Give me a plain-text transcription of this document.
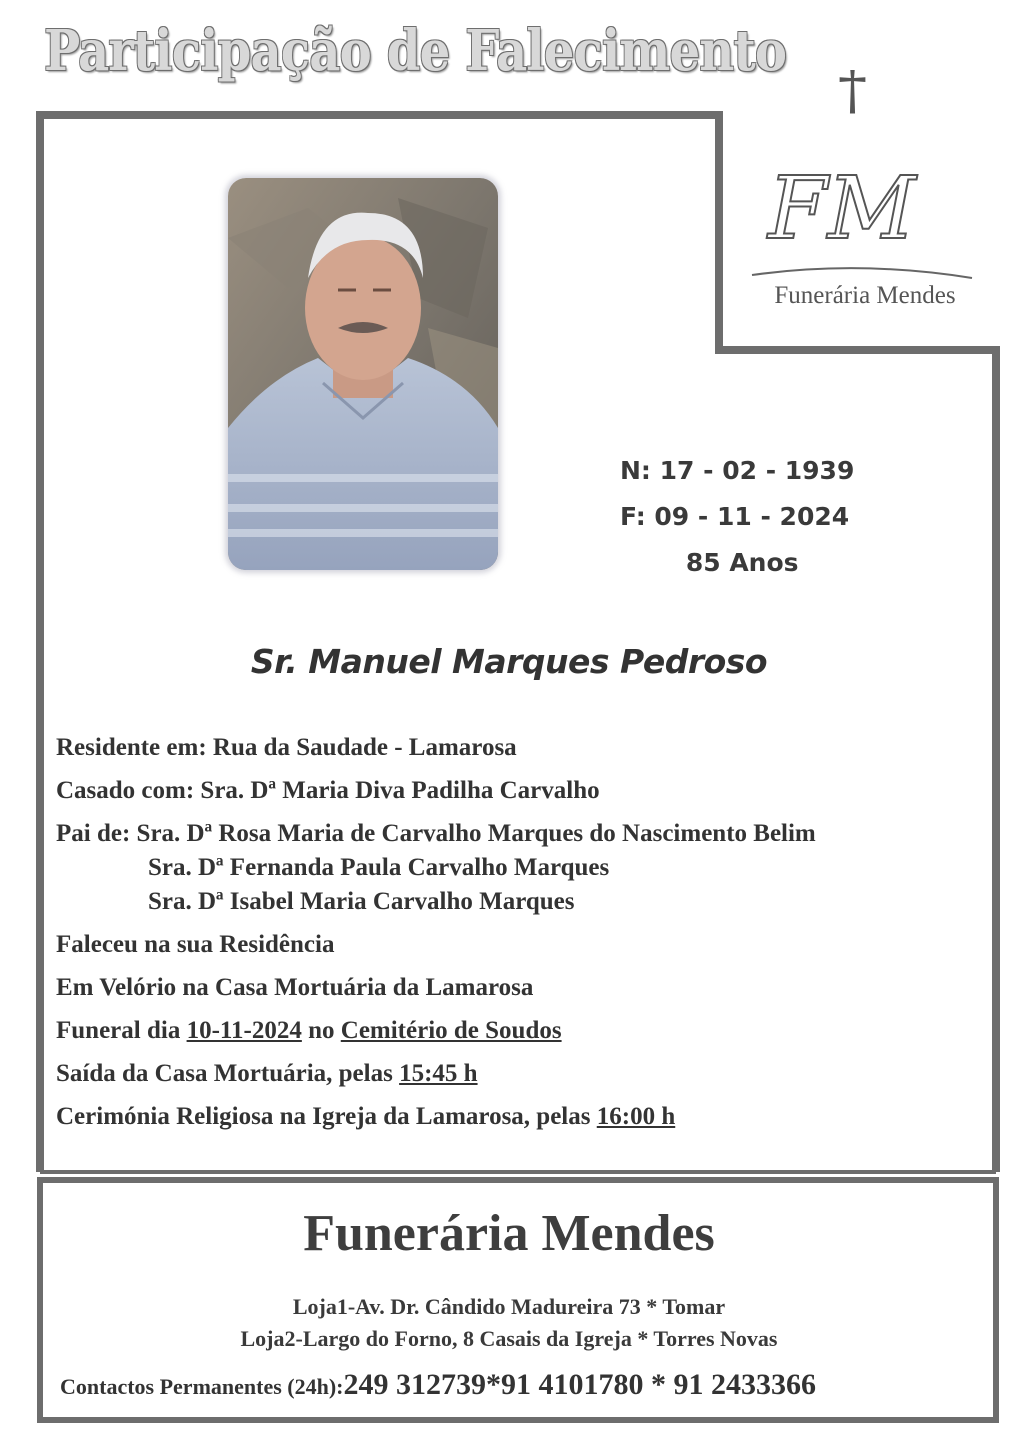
Participação de Falecimento
†
FM
Funerária Mendes
N: 17 - 02 - 1939
F: 09 - 11 - 2024
85 Anos
Sr. Manuel Marques Pedroso
Residente em: Rua da Saudade - Lamarosa
Casado com: Sra. Dª Maria Diva Padilha Carvalho
Pai de: Sra. Dª Rosa Maria de Carvalho Marques do Nascimento Belim
Sra. Dª Fernanda Paula Carvalho Marques
Sra. Dª Isabel Maria Carvalho Marques
Faleceu na sua Residência
Em Velório na Casa Mortuária da Lamarosa
Funeral dia 10-11-2024 no Cemitério de Soudos
Saída da Casa Mortuária, pelas 15:45 h
Cerimónia Religiosa na Igreja da Lamarosa, pelas 16:00 h
Funerária Mendes
Loja1-Av. Dr. Cândido Madureira 73 * Tomar
Loja2-Largo do Forno, 8 Casais da Igreja * Torres Novas
Contactos Permanentes (24h):249 312739*91 4101780 * 91 2433366
